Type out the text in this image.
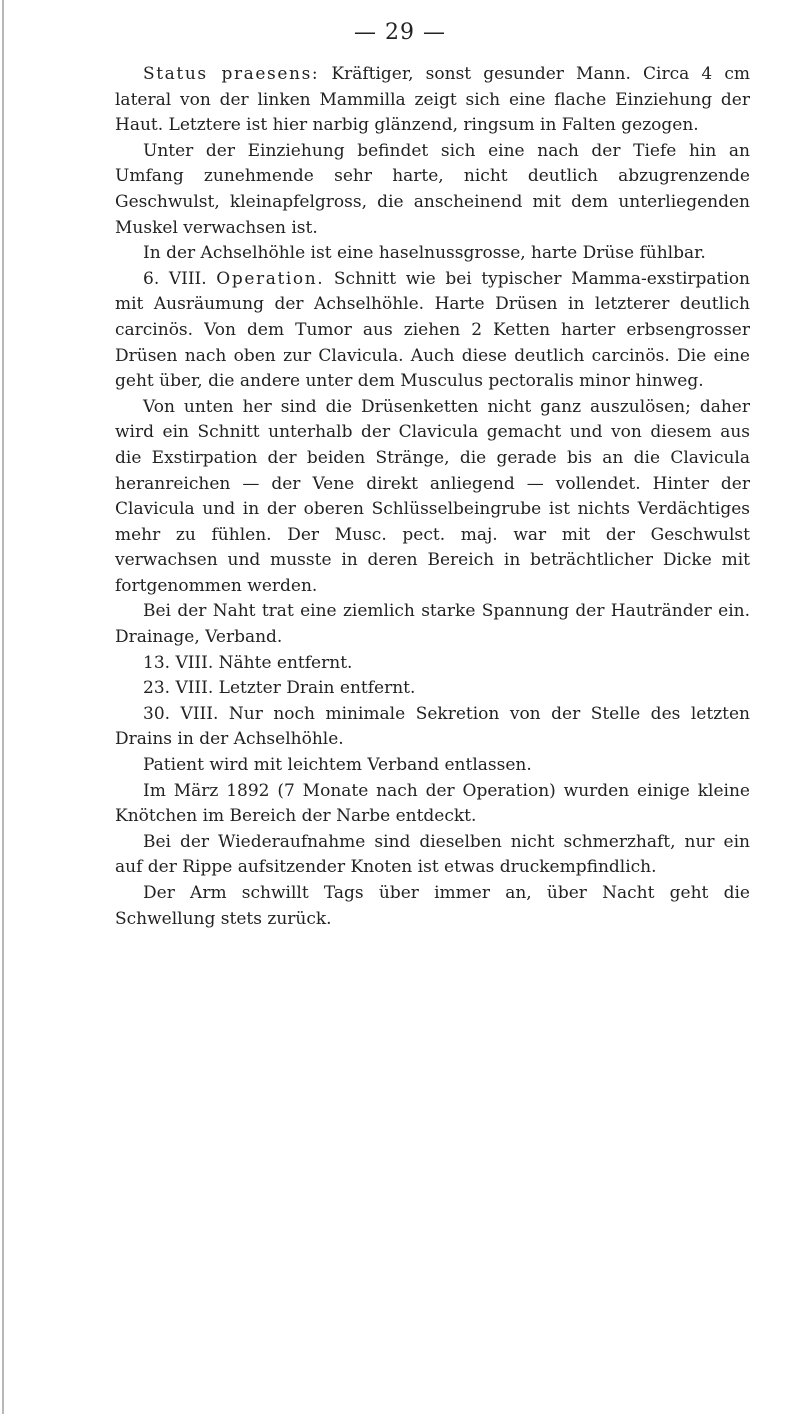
— 29 —

Status praesens: Kräftiger, sonst gesunder Mann. Circa 4 cm lateral von der linken Mammilla zeigt sich eine flache Einziehung der Haut. Letztere ist hier narbig glänzend, ringsum in Falten gezogen.

Unter der Einziehung befindet sich eine nach der Tiefe hin an Umfang zunehmende sehr harte, nicht deutlich abzugrenzende Geschwulst, kleinapfelgross, die anscheinend mit dem unterliegenden Muskel verwachsen ist.

In der Achselhöhle ist eine haselnussgrosse, harte Drüse fühlbar.

6. VIII. Operation. Schnitt wie bei typischer Mamma-exstirpation mit Ausräumung der Achselhöhle. Harte Drüsen in letzterer deutlich carcinös. Von dem Tumor aus ziehen 2 Ketten harter erbsengrosser Drüsen nach oben zur Clavicula. Auch diese deutlich carcinös. Die eine geht über, die andere unter dem Musculus pectoralis minor hinweg.

Von unten her sind die Drüsenketten nicht ganz auszulösen; daher wird ein Schnitt unterhalb der Clavicula gemacht und von diesem aus die Exstirpation der beiden Stränge, die gerade bis an die Clavicula heranreichen — der Vene direkt anliegend — vollendet. Hinter der Clavicula und in der oberen Schlüsselbeingrube ist nichts Verdächtiges mehr zu fühlen. Der Musc. pect. maj. war mit der Geschwulst verwachsen und musste in deren Bereich in beträchtlicher Dicke mit fortgenommen werden.

Bei der Naht trat eine ziemlich starke Spannung der Hautränder ein. Drainage, Verband.

13. VIII. Nähte entfernt.

23. VIII. Letzter Drain entfernt.

30. VIII. Nur noch minimale Sekretion von der Stelle des letzten Drains in der Achselhöhle.

Patient wird mit leichtem Verband entlassen.

Im März 1892 (7 Monate nach der Operation) wurden einige kleine Knötchen im Bereich der Narbe entdeckt.

Bei der Wiederaufnahme sind dieselben nicht schmerzhaft, nur ein auf der Rippe aufsitzender Knoten ist etwas druckempfindlich.

Der Arm schwillt Tags über immer an, über Nacht geht die Schwellung stets zurück.
